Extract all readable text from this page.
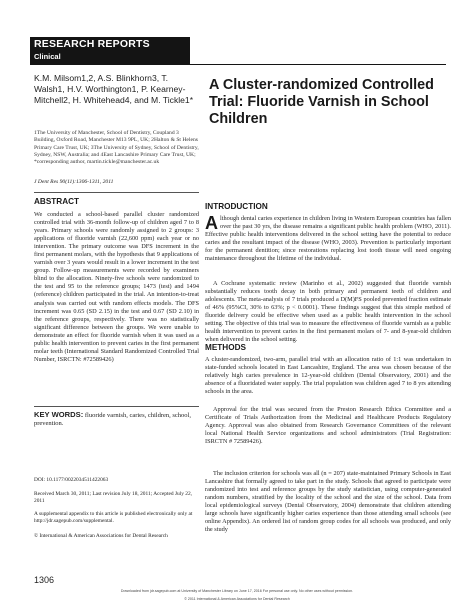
RESEARCH REPORTS
Clinical
K.M. Milsom1,2, A.S. Blinkhorn3, T. Walsh1, H.V. Worthington1, P. Kearney-Mitchell2, H. Whitehead4, and M. Tickle1*
1The University of Manchester, School of Dentistry, Coupland 3 Building, Oxford Road, Manchester M13 9PL, UK; 2Halton & St Helens Primary Care Trust, UK; 3The University of Sydney, School of Dentistry, Sydney, NSW, Australia; and 4East Lancashire Primary Care Trust, UK; *corresponding author, martin.tickle@manchester.ac.uk
J Dent Res 90(11):1306-1311, 2011
A Cluster-randomized Controlled Trial: Fluoride Varnish in School Children
ABSTRACT
We conducted a school-based parallel cluster randomized controlled trial with 36-month follow-up of children aged 7 to 8 years. Primary schools were randomly assigned to 2 groups: 3 applications of fluoride varnish (22,600 ppm) each year or no intervention. The primary outcome was DFS increment in the first permanent molars, with the hypothesis that 9 applications of varnish over 3 years would result in a lower increment in the test group. Follow-up measurements were recorded by examiners blind to the allocation. Ninety-five schools were randomized to the test and 95 to the reference groups; 1473 (test) and 1494 (reference) children participated in the trial. An intention-to-treat analysis was carried out with random effects models. The DFS increment was 0.65 (SD 2.15) in the test and 0.67 (SD 2.10) in the reference groups, respectively. There was no statistically significant difference between the groups. We were unable to demonstrate an effect for fluoride varnish when it was used as a public health intervention to prevent caries in the first permanent molar teeth (International Standard Randomized Controlled Trial Number, ISRCTN: #72589426)
KEY WORDS: fluoride varnish, caries, children, school, prevention.
DOI: 10.1177/0022034511422063
Received March 30, 2011; Last revision July 18, 2011; Accepted July 22, 2011
A supplemental appendix to this article is published electronically only at http://jdr.sagepub.com/supplemental.
© International & American Associations for Dental Research
INTRODUCTION
Although dental caries experience in children living in Western European countries has fallen over the past 30 yrs, the disease remains a significant public health problem (WHO, 2011). Effective public health interventions delivered in the school setting have the potential to reduce caries and the resultant impact of the disease (WHO, 2003). Prevention is particularly important for the permanent dentition; since restorations replacing lost tooth tissue will need ongoing maintenance throughout the lifetime of the individual.
A Cochrane systematic review (Marinho et al., 2002) suggested that fluoride varnish substantially reduces tooth decay in both primary and permanent teeth of children and adolescents. The meta-analysis of 7 trials produced a D(M)FS pooled prevented fraction estimate of 46% (95%CI, 30% to 63%; p < 0.0001). These findings suggest that this simple method of fluoride delivery could be effective when used as a public health intervention in the school setting. The objective of this trial was to measure the effectiveness of fluoride varnish as a public health intervention to prevent caries in the first permanent molars of 7- and 8-year-old children when delivered in the school setting.
METHODS
A cluster-randomized, two-arm, parallel trial with an allocation ratio of 1:1 was undertaken in state-funded schools located in East Lancashire, England. The area was chosen because of the relatively high caries prevalence in 12-year-old children (Dental Observatory, 2001) and the absence of a fluoridated water supply. The trial population was children aged 7 to 8 yrs attending schools in the area.
Approval for the trial was secured from the Preston Research Ethics Committee and a Certificate of Trials Authorization from the Medicinal and Healthcare Products Regulatory Agency. Approval was also obtained from Research Governance Committees of the relevant local National Health Service organizations and school administrators (Trial Registration: ISRCTN # 72589426).
The inclusion criterion for schools was all (n = 207) state-maintained Primary Schools in East Lancashire that formally agreed to take part in the study. Schools that agreed to participate were randomized into test and reference groups by the study statistician, using computer-generated random numbers, stratified by the locality of the school and the size of the school. Data from local epidemiological surveys (Dental Observatory, 2004) demonstrate that children attending large schools have significantly higher caries experience than those attending small schools (see online Appendix). An ordered list of random group codes for all schools was produced, and only the study
1306
Downloaded from jdr.sagepub.com at University of Manchester Library on June 17, 2016 For personal use only. No other uses without permission.
© 2011 International & American Associations for Dental Research
